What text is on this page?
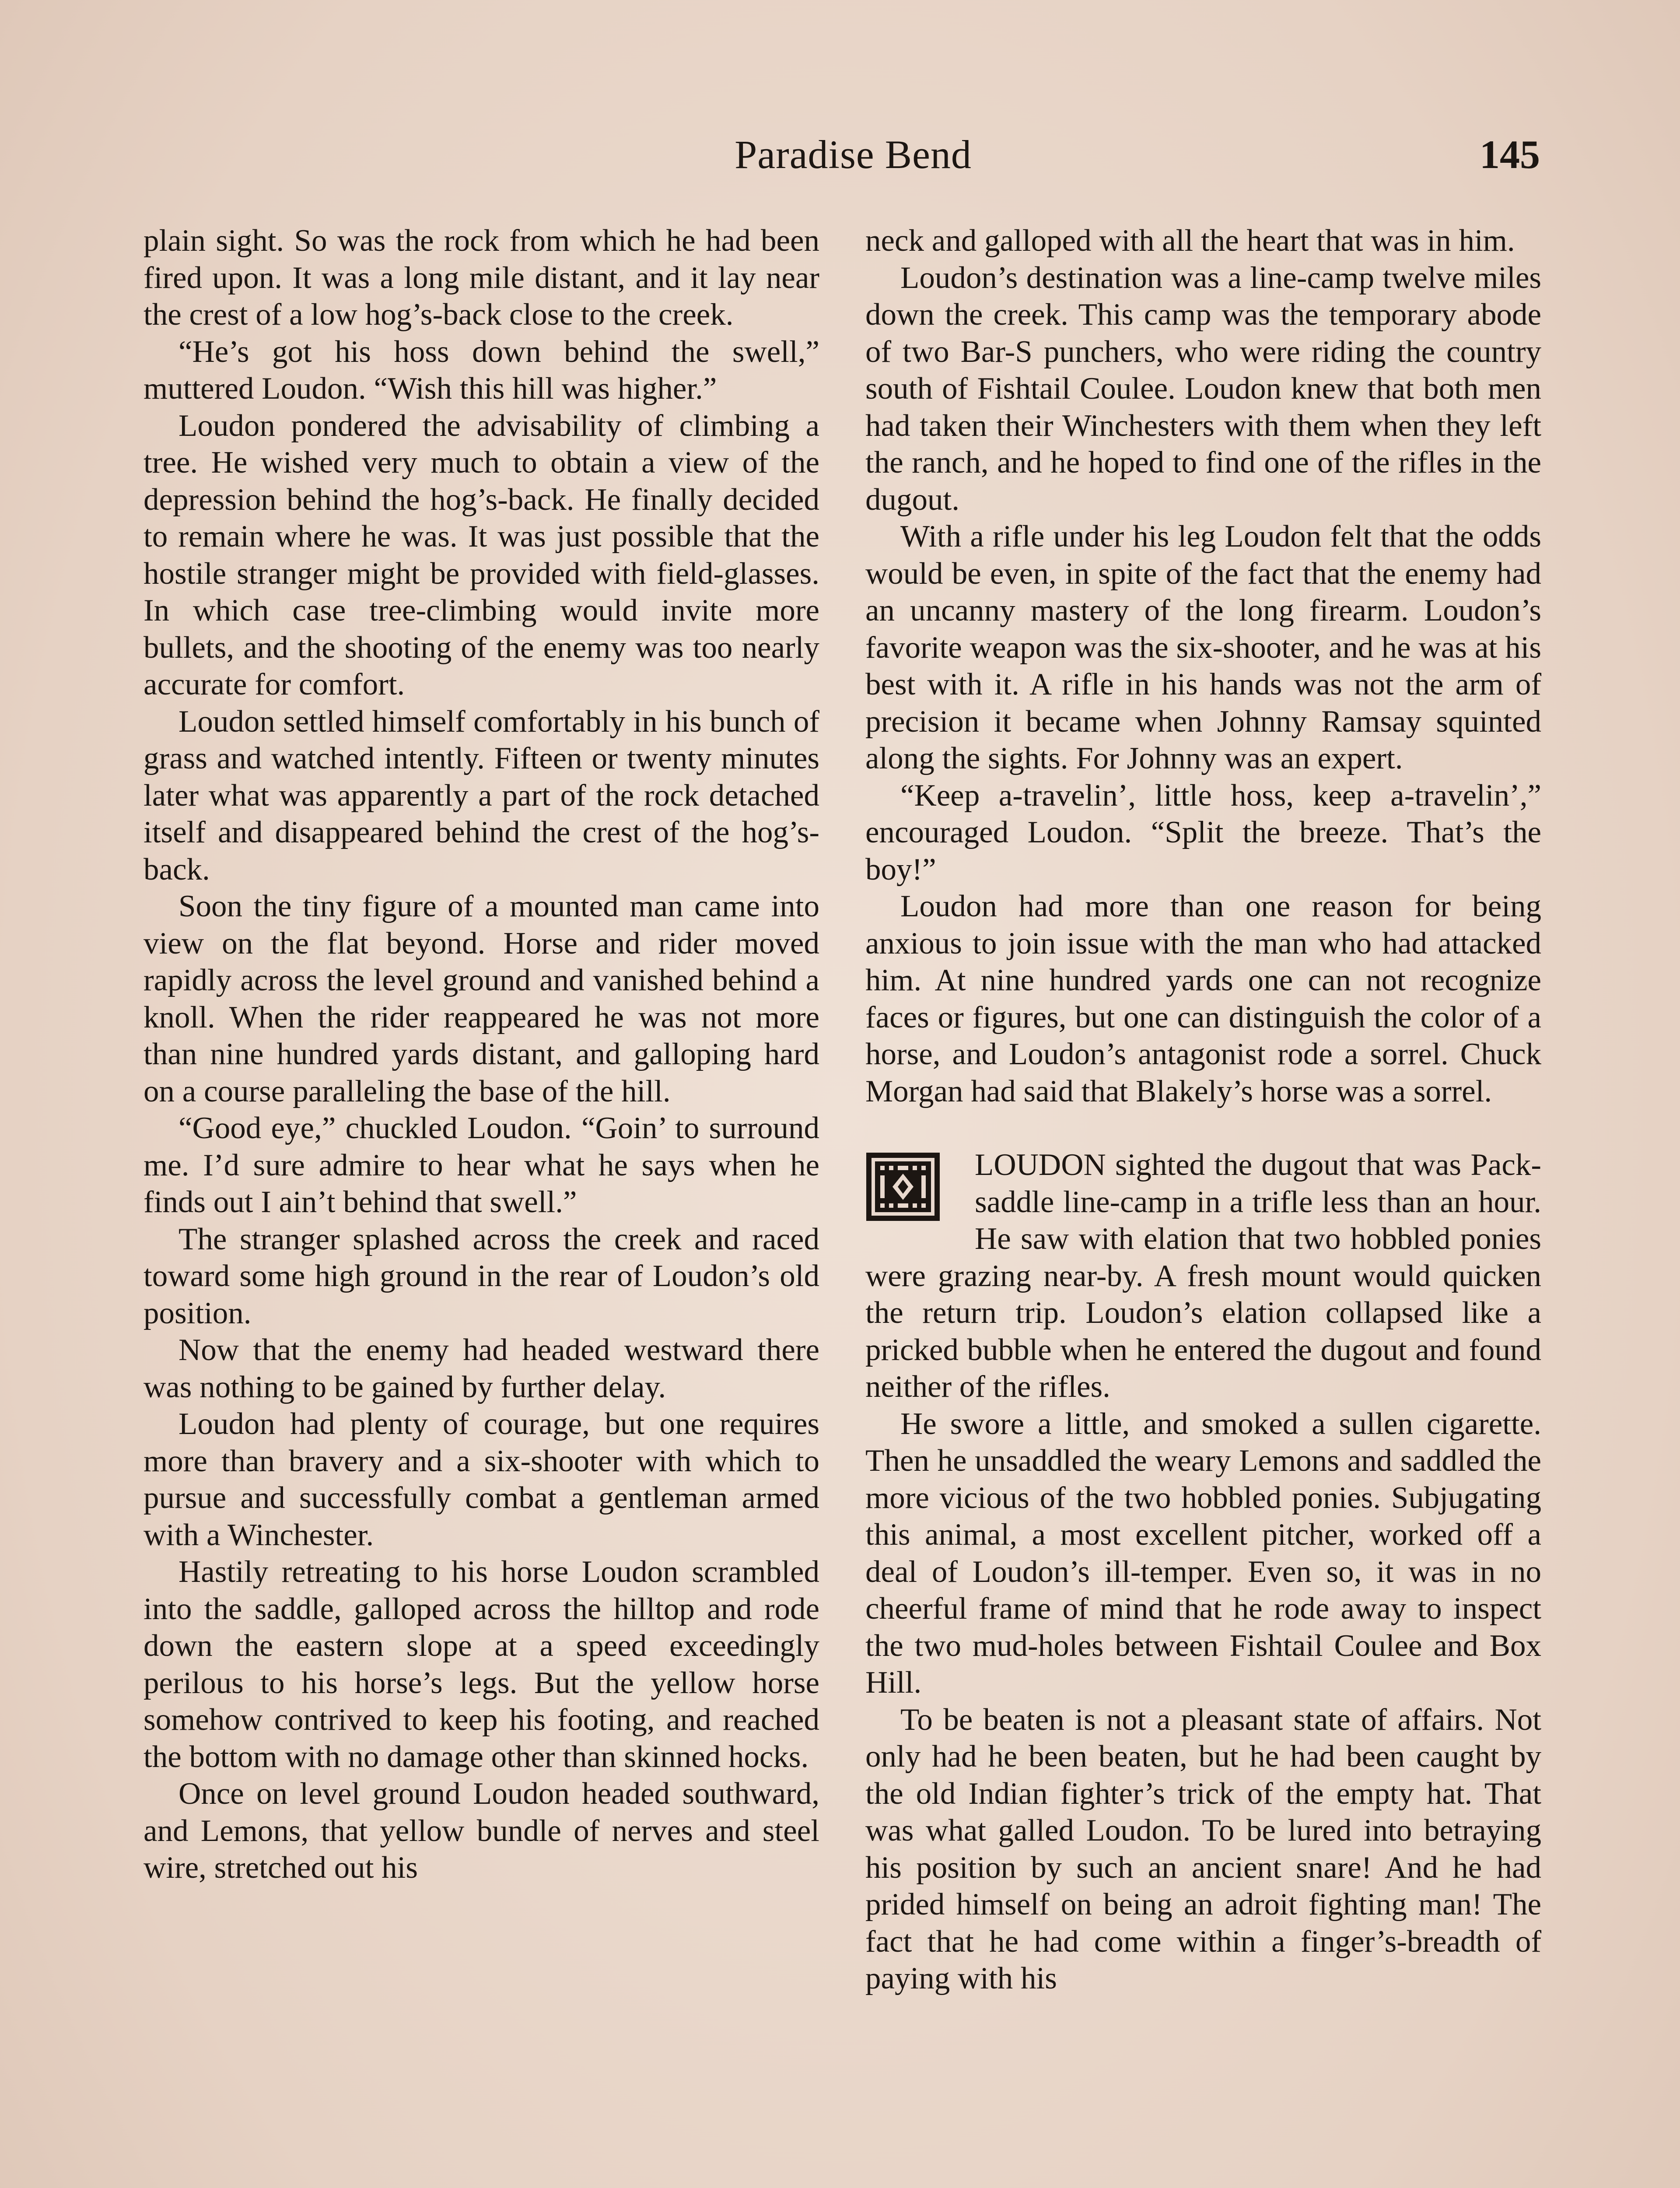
Paradise Bend	145

plain sight. So was the rock from which he had been fired upon. It was a long mile distant, and it lay near the crest of a low hog’s-back close to the creek.

“He’s got his hoss down behind the swell,” muttered Loudon. “Wish this hill was higher.”

Loudon pondered the advisability of climbing a tree. He wished very much to obtain a view of the depression behind the hog’s-back. He finally decided to remain where he was. It was just possible that the hostile stranger might be provided with field-glasses. In which case tree-climbing would invite more bullets, and the shooting of the enemy was too nearly accurate for comfort.

Loudon settled himself comfortably in his bunch of grass and watched intently. Fifteen or twenty minutes later what was apparently a part of the rock detached itself and disappeared behind the crest of the hog’s-back.

Soon the tiny figure of a mounted man came into view on the flat beyond. Horse and rider moved rapidly across the level ground and vanished behind a knoll. When the rider reappeared he was not more than nine hundred yards distant, and galloping hard on a course paralleling the base of the hill.

“Good eye,” chuckled Loudon. “Goin’ to surround me. I’d sure admire to hear what he says when he finds out I ain’t behind that swell.”

The stranger splashed across the creek and raced toward some high ground in the rear of Loudon’s old position.

Now that the enemy had headed westward there was nothing to be gained by further delay.

Loudon had plenty of courage, but one requires more than bravery and a six-shooter with which to pursue and successfully combat a gentleman armed with a Winchester.

Hastily retreating to his horse Loudon scrambled into the saddle, galloped across the hilltop and rode down the eastern slope at a speed exceedingly perilous to his horse’s legs. But the yellow horse somehow contrived to keep his footing, and reached the bottom with no damage other than skinned hocks.

Once on level ground Loudon headed southward, and Lemons, that yellow bundle of nerves and steel wire, stretched out his

neck and galloped with all the heart that was in him.

Loudon’s destination was a line-camp twelve miles down the creek. This camp was the temporary abode of two Bar-S punchers, who were riding the country south of Fishtail Coulee. Loudon knew that both men had taken their Winchesters with them when they left the ranch, and he hoped to find one of the rifles in the dugout.

With a rifle under his leg Loudon felt that the odds would be even, in spite of the fact that the enemy had an uncanny mastery of the long firearm. Loudon’s favorite weapon was the six-shooter, and he was at his best with it. A rifle in his hands was not the arm of precision it became when Johnny Ramsay squinted along the sights. For Johnny was an expert.

“Keep a-travelin’, little hoss, keep a-travelin’,” encouraged Loudon. “Split the breeze. That’s the boy!”

Loudon had more than one reason for being anxious to join issue with the man who had attacked him. At nine hundred yards one can not recognize faces or figures, but one can distinguish the color of a horse, and Loudon’s antagonist rode a sorrel. Chuck Morgan had said that Blakely’s horse was a sorrel.

LOUDON sighted the dugout that was Pack-saddle line-camp in a trifle less than an hour. He saw with elation that two hobbled ponies were grazing near-by. A fresh mount would quicken the return trip. Loudon’s elation collapsed like a pricked bubble when he entered the dugout and found neither of the rifles.

He swore a little, and smoked a sullen cigarette. Then he unsaddled the weary Lemons and saddled the more vicious of the two hobbled ponies. Subjugating this animal, a most excellent pitcher, worked off a deal of Loudon’s ill-temper. Even so, it was in no cheerful frame of mind that he rode away to inspect the two mud-holes between Fishtail Coulee and Box Hill.

To be beaten is not a pleasant state of affairs. Not only had he been beaten, but he had been caught by the old Indian fighter’s trick of the empty hat. That was what galled Loudon. To be lured into betraying his position by such an ancient snare! And he had prided himself on being an adroit fighting man! The fact that he had come within a finger’s-breadth of paying with his
